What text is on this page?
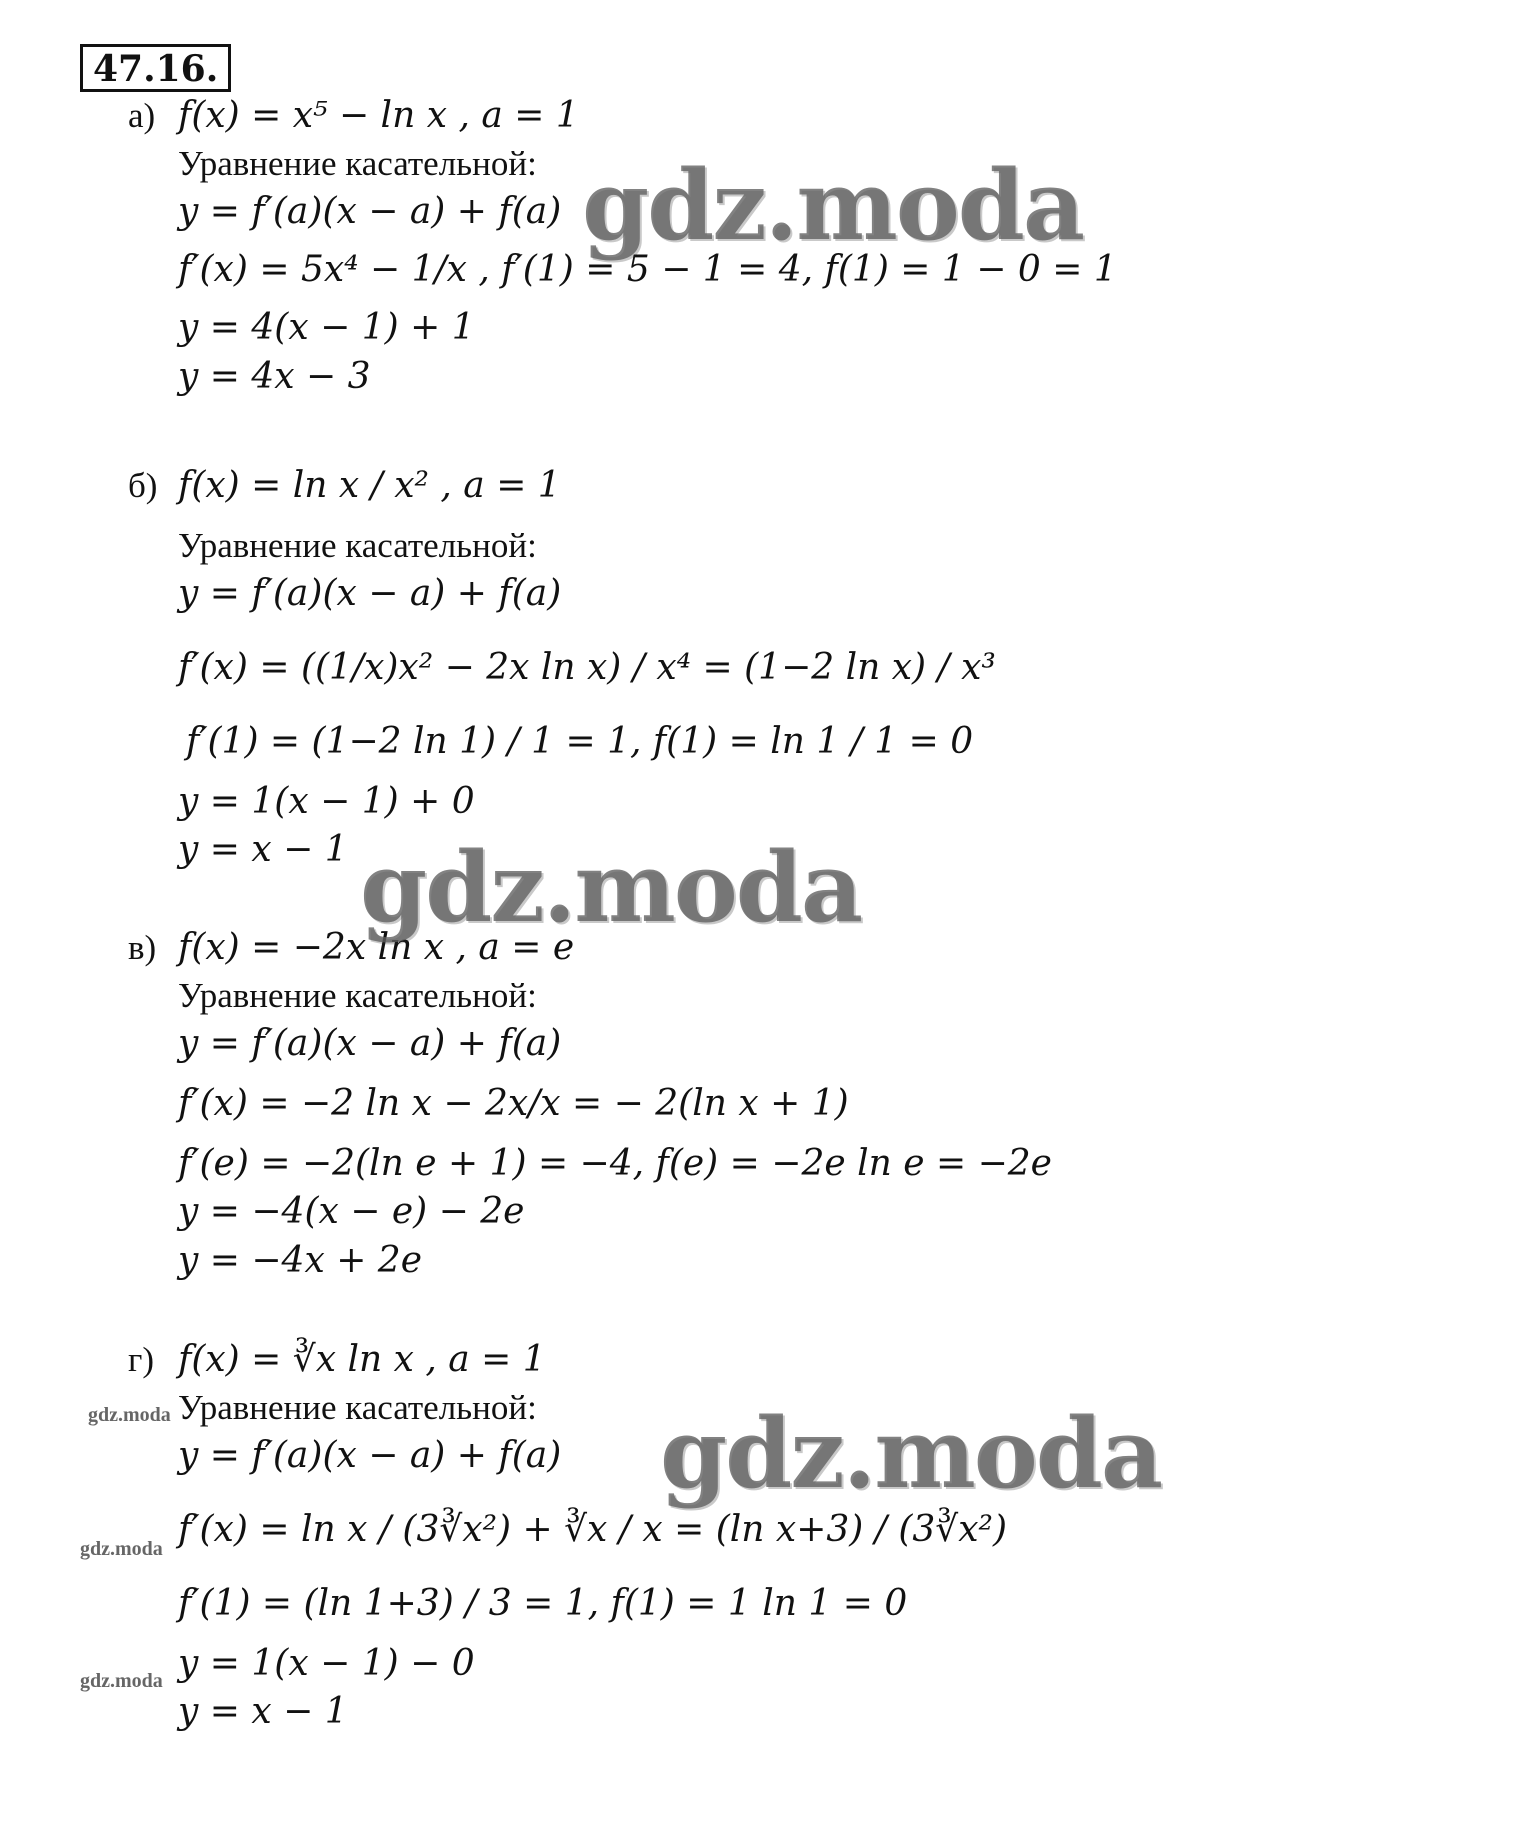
47.16.
а) f(x) = x⁵ − ln x , a = 1
Уравнение касательной:
y = f′(a)(x − a) + f(a)
f′(x) = 5x⁴ − 1/x , f′(1) = 5 − 1 = 4, f(1) = 1 − 0 = 1
y = 4(x − 1) + 1
y = 4x − 3
б) f(x) = ln x / x² , a = 1
Уравнение касательной:
y = f′(a)(x − a) + f(a)
f′(x) = ((1/x)x² − 2x ln x) / x⁴ = (1−2 ln x) / x³
f′(1) = (1−2 ln 1) / 1 = 1, f(1) = ln 1 / 1 = 0
y = 1(x − 1) + 0
y = x − 1
в) f(x) = −2x ln x , a = e
Уравнение касательной:
y = f′(a)(x − a) + f(a)
f′(x) = −2 ln x − 2x/x = − 2(ln x + 1)
f′(e) = −2(ln e + 1) = −4, f(e) = −2e ln e = −2e
y = −4(x − e) − 2e
y = −4x + 2e
г) f(x) = ∛x ln x , a = 1
Уравнение касательной:
y = f′(a)(x − a) + f(a)
f′(x) = ln x / (3∛x²) + ∛x / x = (ln x+3) / (3∛x²)
f′(1) = (ln 1+3) / 3 = 1, f(1) = 1 ln 1 = 0
y = 1(x − 1) − 0
y = x − 1
gdz.moda
gdz.moda
gdz.moda
gdz.moda
gdz.moda
gdz.moda
